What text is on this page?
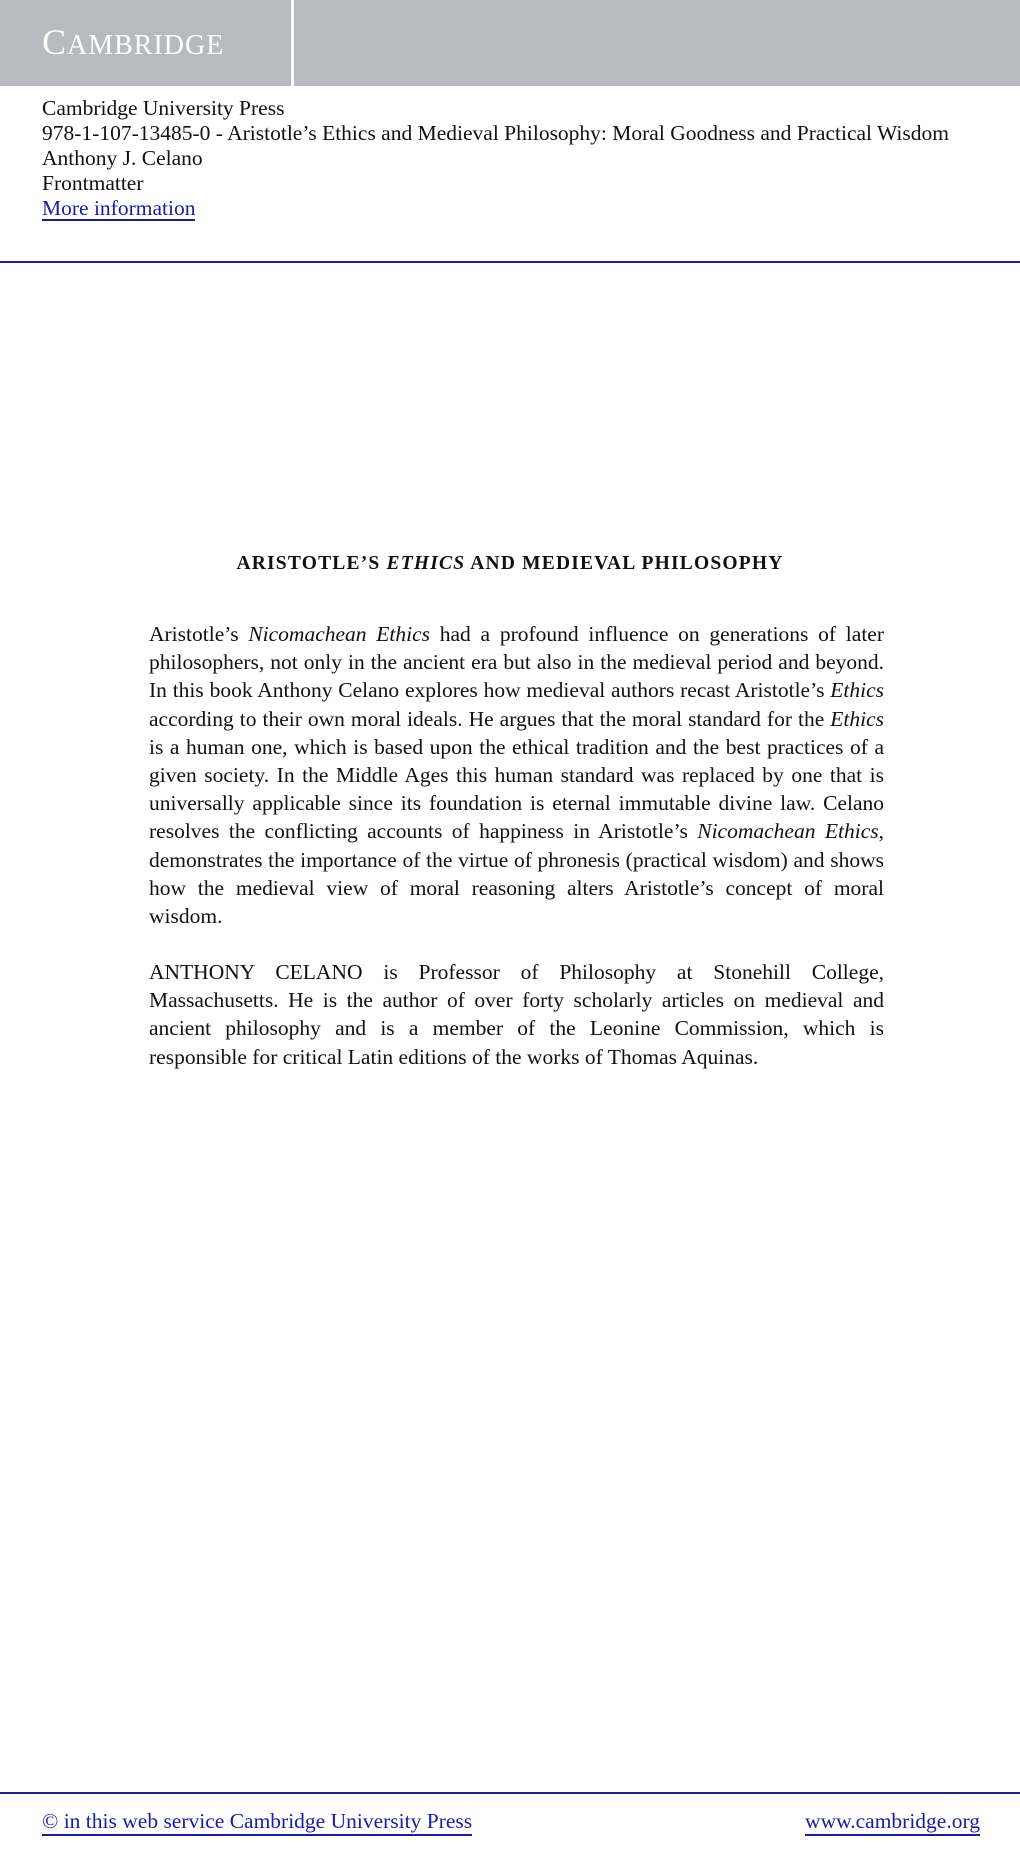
CAMBRIDGE
Cambridge University Press
978-1-107-13485-0 - Aristotle’s Ethics and Medieval Philosophy: Moral Goodness and Practical Wisdom
Anthony J. Celano
Frontmatter
More information
ARISTOTLE’S ETHICS AND MEDIEVAL PHILOSOPHY
Aristotle’s Nicomachean Ethics had a profound influence on generations of later philosophers, not only in the ancient era but also in the medieval period and beyond. In this book Anthony Celano explores how medieval authors recast Aristotle’s Ethics according to their own moral ideals. He argues that the moral standard for the Ethics is a human one, which is based upon the ethical tradition and the best practices of a given society. In the Middle Ages this human standard was replaced by one that is universally applicable since its foundation is eternal immutable divine law. Celano resolves the conflicting accounts of happiness in Aristotle’s Nicomachean Ethics, demonstrates the importance of the virtue of phronesis (practical wisdom) and shows how the medieval view of moral reasoning alters Aristotle’s concept of moral wisdom.
ANTHONY CELANO is Professor of Philosophy at Stonehill College, Massachusetts. He is the author of over forty scholarly articles on medieval and ancient philosophy and is a member of the Leonine Commission, which is responsible for critical Latin editions of the works of Thomas Aquinas.
© in this web service Cambridge University Press	www.cambridge.org
